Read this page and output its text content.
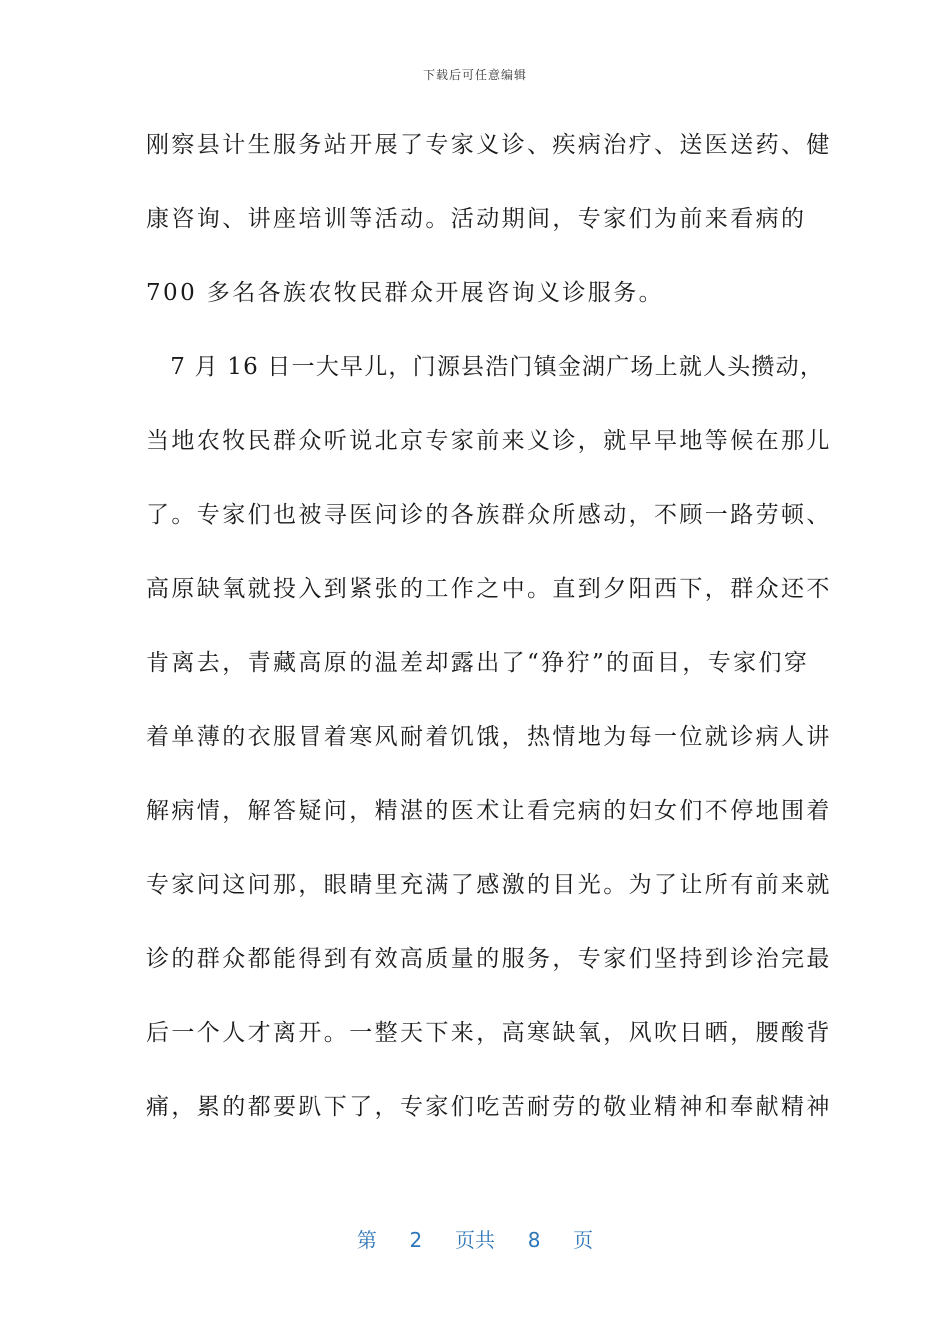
下载后可任意编辑
刚察县计生服务站开展了专家义诊、疾病治疗、送医送药、健
康咨询、讲座培训等活动。活动期间，专家们为前来看病的
700 多名各族农牧民群众开展咨询义诊服务。
　7 月 16 日一大早儿，门源县浩门镇金湖广场上就人头攒动，
当地农牧民群众听说北京专家前来义诊，就早早地等候在那儿
了。专家们也被寻医问诊的各族群众所感动，不顾一路劳顿、
高原缺氧就投入到紧张的工作之中。直到夕阳西下，群众还不
肯离去，青藏高原的温差却露出了“狰狞”的面目，专家们穿
着单薄的衣服冒着寒风耐着饥饿，热情地为每一位就诊病人讲
解病情，解答疑问，精湛的医术让看完病的妇女们不停地围着
专家问这问那，眼睛里充满了感激的目光。为了让所有前来就
诊的群众都能得到有效高质量的服务，专家们坚持到诊治完最
后一个人才离开。一整天下来，高寒缺氧，风吹日晒，腰酸背
痛，累的都要趴下了，专家们吃苦耐劳的敬业精神和奉献精神
第 2 页共 8 页
